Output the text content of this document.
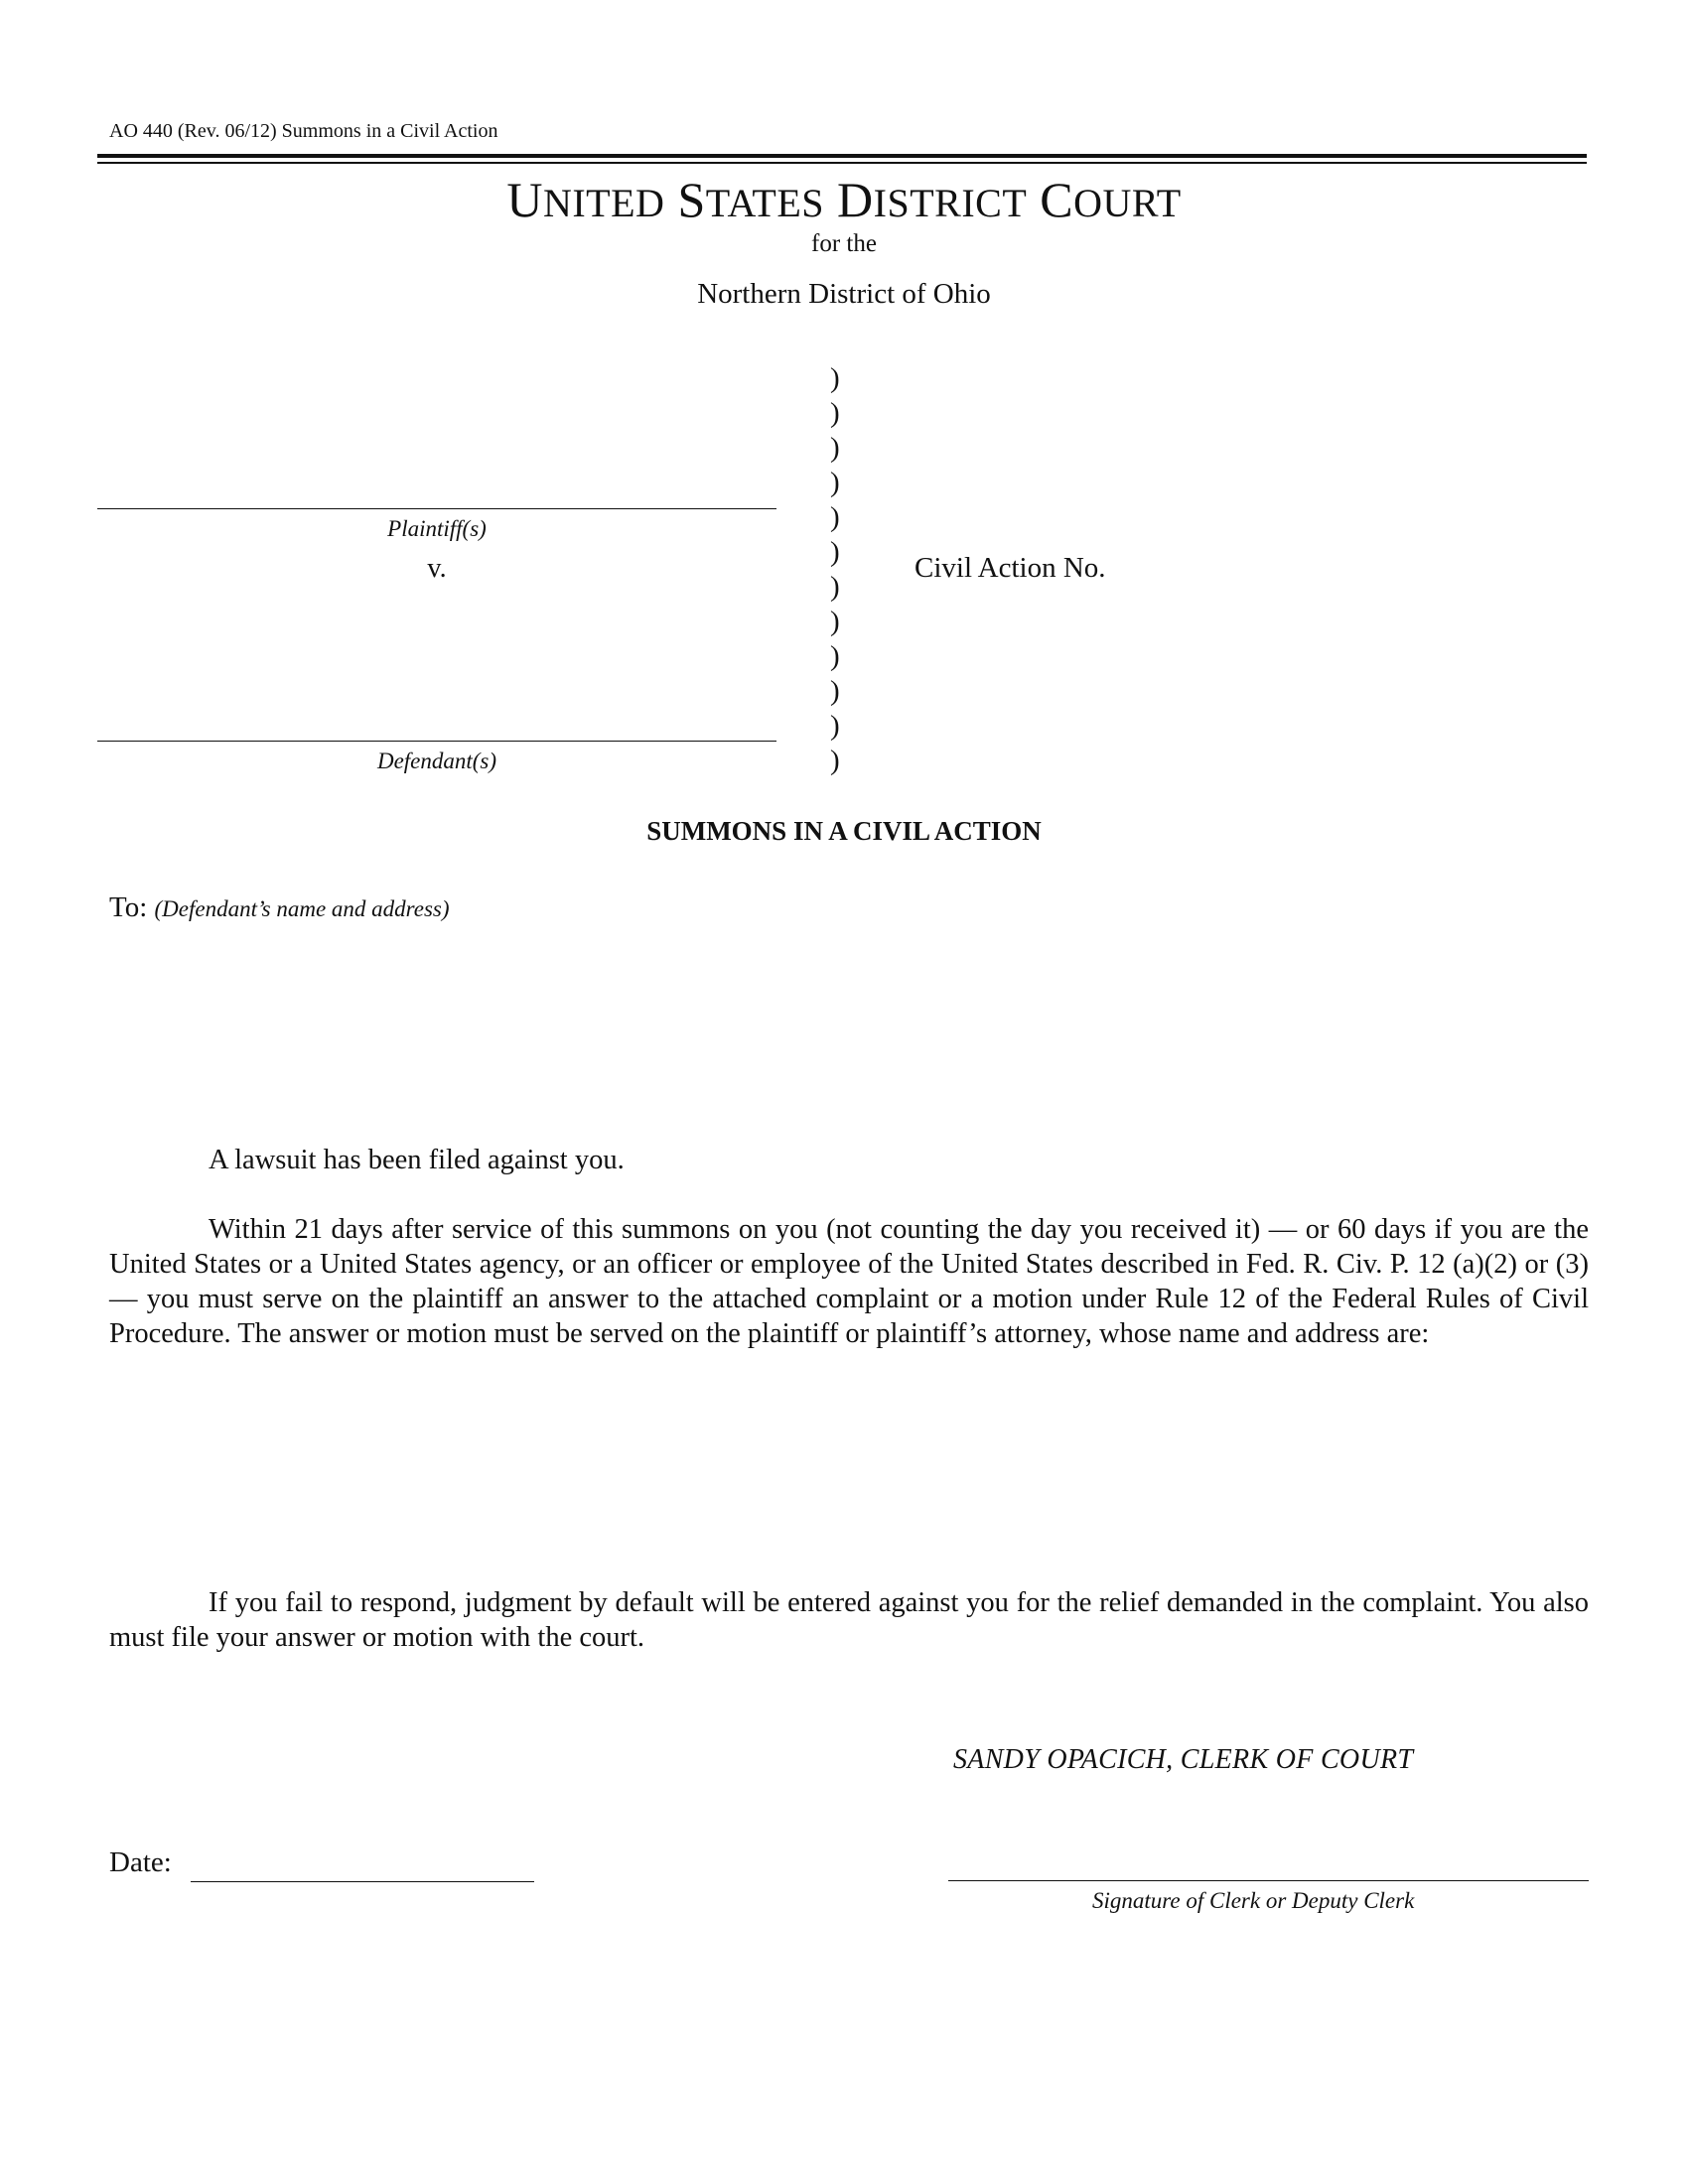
AO 440 (Rev. 06/12) Summons in a Civil Action
UNITED STATES DISTRICT COURT
for the
Northern District of Ohio
)
)
)
)
)
)
)
)
)
)
)
)
Plaintiff(s)
v.
Defendant(s)
Civil Action No.
SUMMONS IN A CIVIL ACTION
To: (Defendant’s name and address)
A lawsuit has been filed against you.
Within 21 days after service of this summons on you (not counting the day you received it) — or 60 days if you are the United States or a United States agency, or an officer or employee of the United States described in Fed. R. Civ. P. 12 (a)(2) or (3) — you must serve on the plaintiff an answer to the attached complaint or a motion under Rule 12 of the Federal Rules of Civil Procedure. The answer or motion must be served on the plaintiff or plaintiff’s attorney, whose name and address are:
If you fail to respond, judgment by default will be entered against you for the relief demanded in the complaint. You also must file your answer or motion with the court.
SANDY OPACICH, CLERK OF COURT
Date:
Signature of Clerk or Deputy Clerk
